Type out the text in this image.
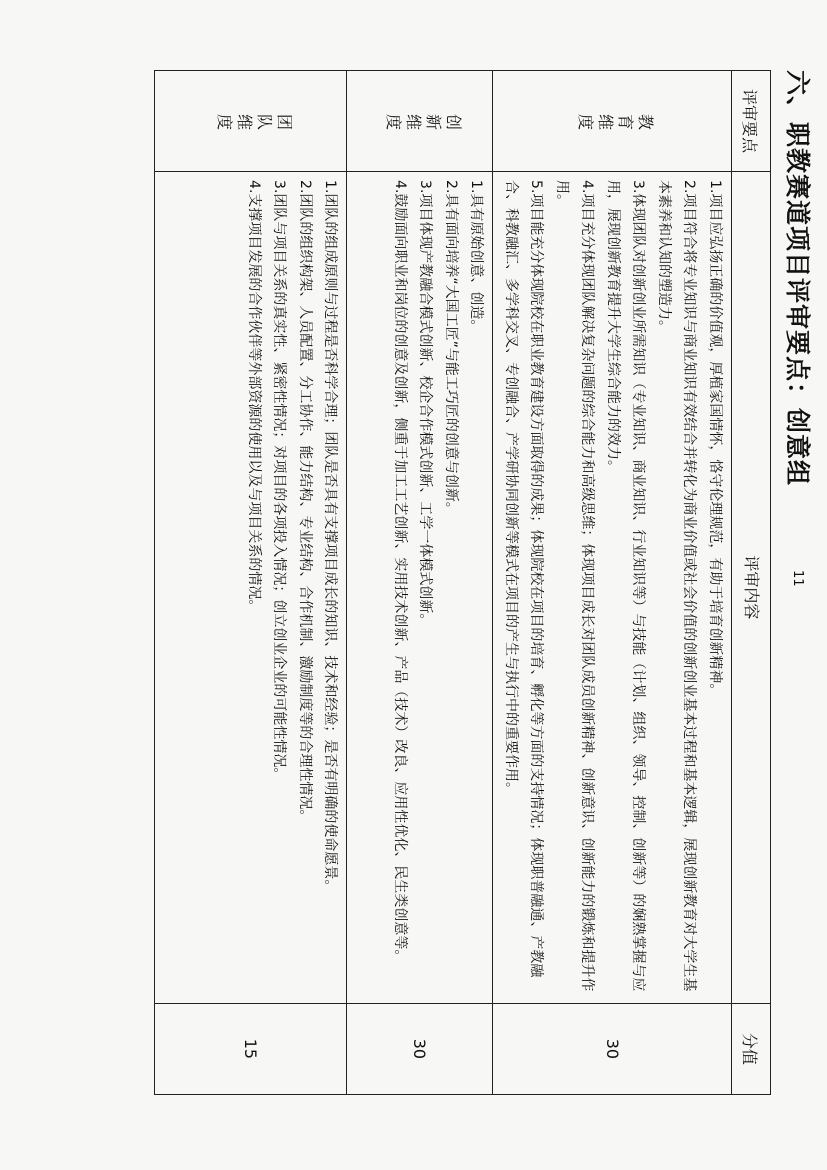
六、职教赛道项目评审要点：创意组
评审要点	评审内容	分值
教育维度	1.项目应弘扬正确的价值观，厚植家国情怀，恪守伦理规范，有助于培育创新精神。

2.项目符合将专业知识与商业知识有效结合并转化为商业价值或社会价值的创新创业基本过程和基本逻辑，展现创新教育对大学生基本素养和认知的塑造力。

3.体现团队对创新创业所需知识（专业知识、商业知识、行业知识等）与技能（计划、组织、领导、控制、创新等）的娴熟掌握与应用，展现创新教育提升大学生综合能力的效力。

4.项目充分体现团队解决复杂问题的综合能力和高级思维；体现项目成长对团队成员创新精神、创新意识、创新能力的锻炼和提升作用。

5.项目能充分体现院校在职业教育建设方面取得的成果；体现院校在项目的培育、孵化等方面的支持情况；体现职普融通、产教融合、科教融汇、多学科交叉、专创融合、产学研协同创新等模式在项目的产生与执行中的重要作用。	30
创新维度	1.具有原始创意、创造。

2.具有面向培养“大国工匠”与能工巧匠的创意与创新。

3.项目体现产教融合模式创新、校企合作模式创新、工学一体模式创新。

4.鼓励面向职业和岗位的创意及创新，侧重于加工工艺创新、实用技术创新、产品（技术）改良、应用性优化、民生类创意等。	30
团队维度	1.团队的组成原则与过程是否科学合理；团队是否具有支撑项目成长的知识、技术和经验；是否有明确的使命愿景。

2.团队的组织构架、人员配置、分工协作、能力结构、专业结构、合作机制、激励制度等的合理性情况。

3.团队与项目关系的真实性、紧密性情况；对项目的各项投入情况；创立创业企业的可能性情况。

4.支撑项目发展的合作伙伴等外部资源的使用以及与项目关系的情况。	15
11
